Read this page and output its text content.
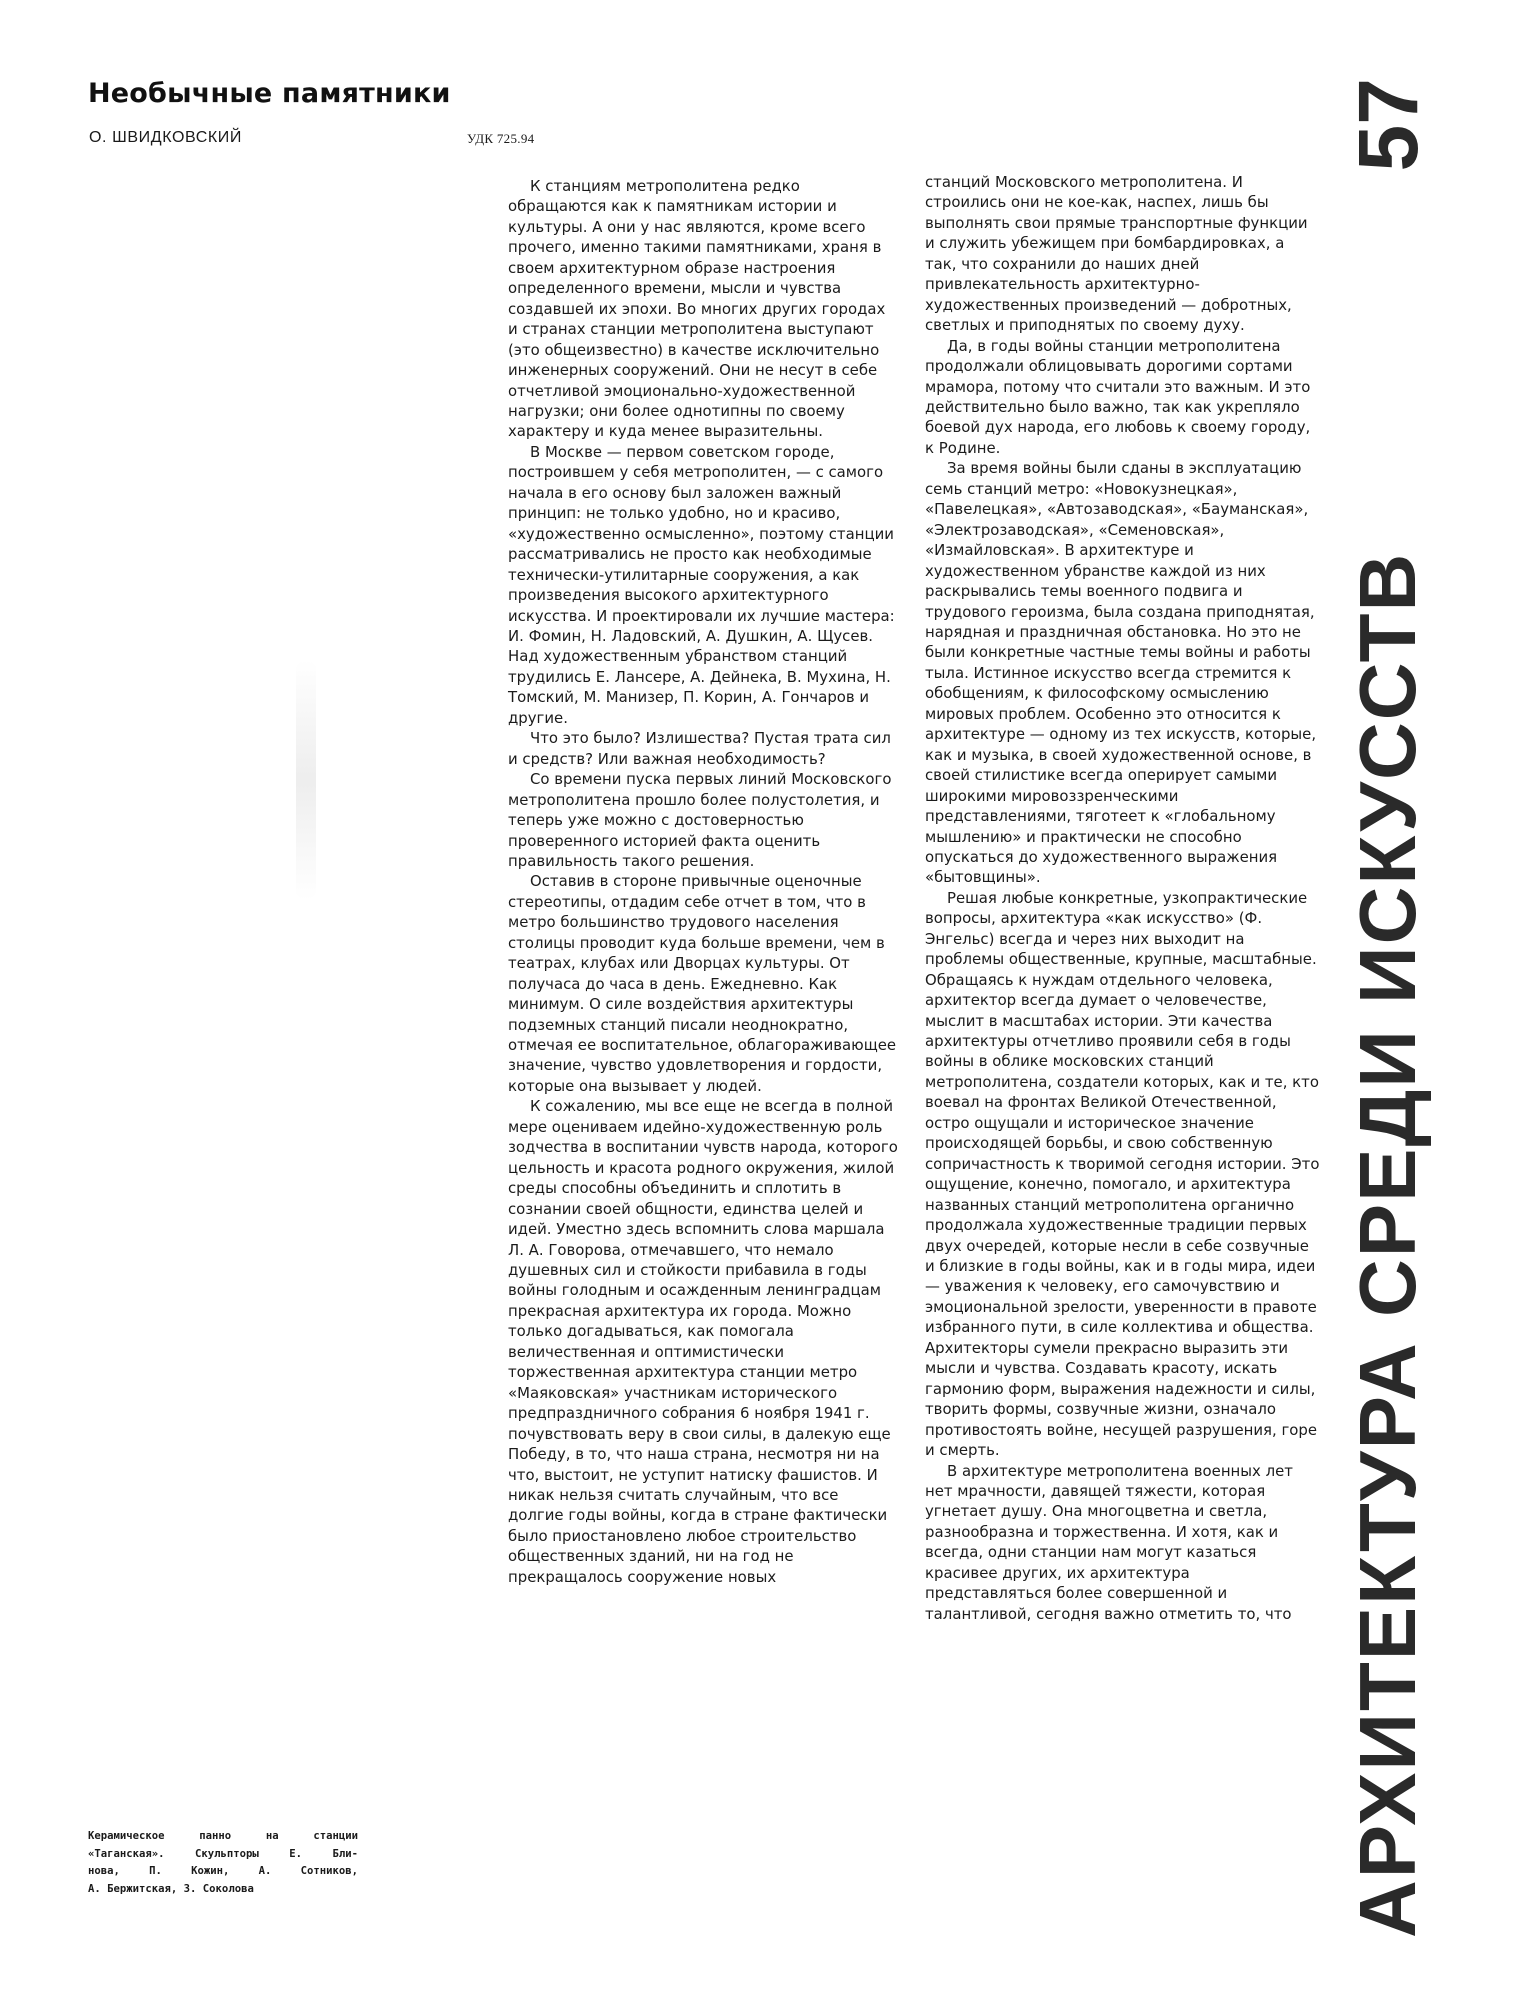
Необычные памятники
О. ШВИДКОВСКИЙ	УДК 725.94

К станциям метрополитена редко обращаются как к памятникам истории и культуры. А они у нас являются, кроме всего прочего, именно такими памятниками, храня в своем архитектурном образе настроения определенного времени, мысли и чувства создавшей их эпохи. Во многих других городах и странах станции метрополитена выступают (это общеизвестно) в качестве исключительно инженерных сооружений. Они не несут в себе отчетливой эмоционально-художественной нагрузки; они более однотипны по своему характеру и куда менее выразительны.

В Москве — первом советском городе, построившем у себя метрополитен, — с самого начала в его основу был заложен важный принцип: не только удобно, но и красиво, «художественно осмысленно», поэтому станции рассматривались не просто как необходимые технически-утилитарные сооружения, а как произведения высокого архитектурного искусства. И проектировали их лучшие мастера: И. Фомин, Н. Ладовский, А. Душкин, А. Щусев. Над художественным убранством станций трудились Е. Лансере, А. Дейнека, В. Мухина, Н. Томский, М. Манизер, П. Корин, А. Гончаров и другие.

Что это было? Излишества? Пустая трата сил и средств? Или важная необходимость?

Со времени пуска первых линий Московского метрополитена прошло более полустолетия, и теперь уже можно с достоверностью проверенного историей факта оценить правильность такого решения.

Оставив в стороне привычные оценочные стереотипы, отдадим себе отчет в том, что в метро большинство трудового населения столицы проводит куда больше времени, чем в театрах, клубах или Дворцах культуры. От получаса до часа в день. Ежедневно. Как минимум. О силе воздействия архитектуры подземных станций писали неоднократно, отмечая ее воспитательное, облагораживающее значение, чувство удовлетворения и гордости, которые она вызывает у людей.

К сожалению, мы все еще не всегда в полной мере оцениваем идейно-художественную роль зодчества в воспитании чувств народа, которого цельность и красота родного окружения, жилой среды способны объединить и сплотить в сознании своей общности, единства целей и идей. Уместно здесь вспомнить слова маршала Л. А. Говорова, отмечавшего, что немало душевных сил и стойкости прибавила в годы войны голодным и осажденным ленинградцам прекрасная архитектура их города. Можно только догадываться, как помогала величественная и оптимистически торжественная архитектура станции метро «Маяковская» участникам исторического предпраздничного собрания 6 ноября 1941 г. почувствовать веру в свои силы, в далекую еще Победу, в то, что наша страна, несмотря ни на что, выстоит, не уступит натиску фашистов. И никак нельзя считать случайным, что все долгие годы войны, когда в стране фактически было приостановлено любое строительство общественных зданий, ни на год не прекращалось сооружение новых

станций Московского метрополитена. И строились они не кое-как, наспех, лишь бы выполнять свои прямые транспортные функции и служить убежищем при бомбардировках, а так, что сохранили до наших дней привлекательность архитектурно-художественных произведений — добротных, светлых и приподнятых по своему духу.

Да, в годы войны станции метрополитена продолжали облицовывать дорогими сортами мрамора, потому что считали это важным. И это действительно было важно, так как укрепляло боевой дух народа, его любовь к своему городу, к Родине.

За время войны были сданы в эксплуатацию семь станций метро: «Новокузнецкая», «Павелецкая», «Автозаводская», «Бауманская», «Электрозаводская», «Семеновская», «Измайловская». В архитектуре и художественном убранстве каждой из них раскрывались темы военного подвига и трудового героизма, была создана приподнятая, нарядная и праздничная обстановка. Но это не были конкретные частные темы войны и работы тыла. Истинное искусство всегда стремится к обобщениям, к философскому осмыслению мировых проблем. Особенно это относится к архитектуре — одному из тех искусств, которые, как и музыка, в своей художественной основе, в своей стилистике всегда оперирует самыми широкими мировоззренческими представлениями, тяготеет к «глобальному мышлению» и практически не способно опускаться до художественного выражения «бытовщины».

Решая любые конкретные, узкопрактические вопросы, архитектура «как искусство» (Ф. Энгельс) всегда и через них выходит на проблемы общественные, крупные, масштабные. Обращаясь к нуждам отдельного человека, архитектор всегда думает о человечестве, мыслит в масштабах истории. Эти качества архитектуры отчетливо проявили себя в годы войны в облике московских станций метрополитена, создатели которых, как и те, кто воевал на фронтах Великой Отечественной, остро ощущали и историческое значение происходящей борьбы, и свою собственную сопричастность к творимой сегодня истории. Это ощущение, конечно, помогало, и архитектура названных станций метрополитена органично продолжала художественные традиции первых двух очередей, которые несли в себе созвучные и близкие в годы войны, как и в годы мира, идеи — уважения к человеку, его самочувствию и эмоциональной зрелости, уверенности в правоте избранного пути, в силе коллектива и общества. Архитекторы сумели прекрасно выразить эти мысли и чувства. Создавать красоту, искать гармонию форм, выражения надежности и силы, творить формы, созвучные жизни, означало противостоять войне, несущей разрушения, горе и смерть.

В архитектуре метрополитена военных лет нет мрачности, давящей тяжести, которая угнетает душу. Она многоцветна и светла, разнообразна и торжественна. И хотя, как и всегда, одни станции нам могут казаться красивее других, их архитектура представляться более совершенной и талантливой, сегодня важно отметить то, что

Керамическое панно на станции
«Таганская». Скульпторы Е. Бли-
нова, П. Кожин, А. Сотников,
А. Бержитская, З. Соколова	АРХИТЕКТУРА СРЕДИ ИСКУССТВ
57
